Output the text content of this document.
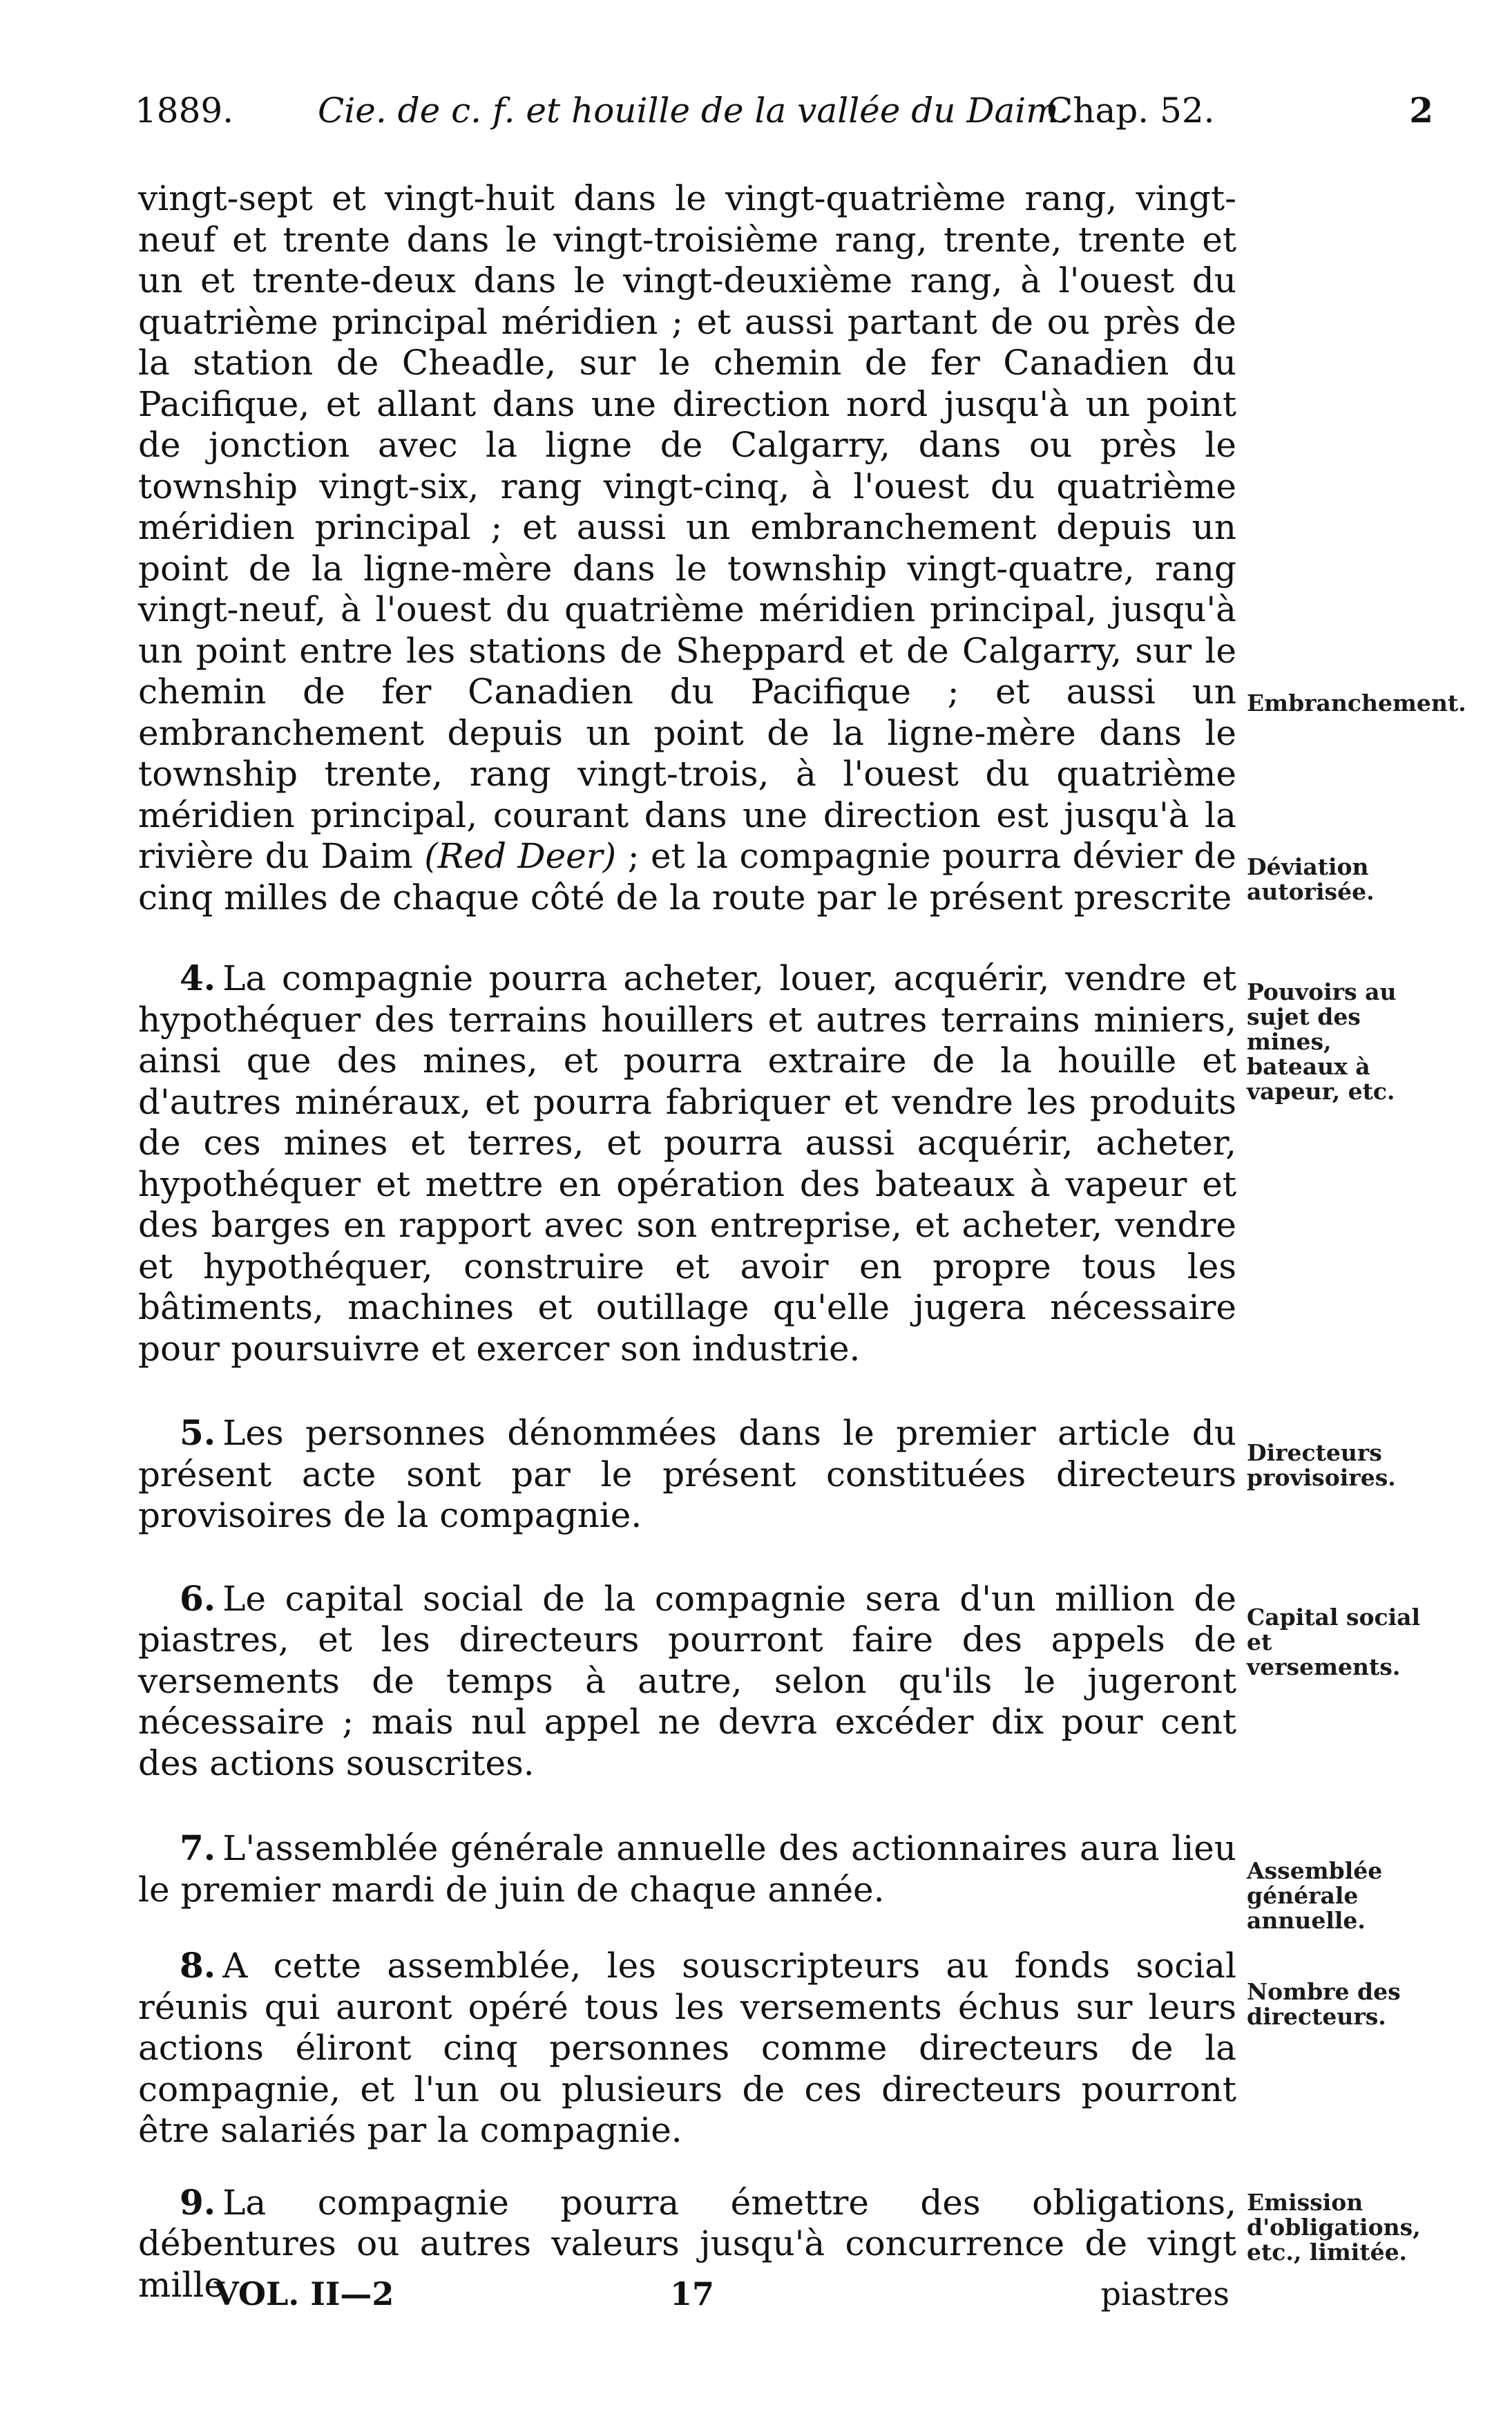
1889. Cie. de c. f. et houille de la vallée du Daim.
Chap. 52.	2

vingt-sept et vingt-huit dans le vingt-quatrième rang, vingt-neuf et trente dans le vingt-troisième rang, trente, trente et un et trente-deux dans le vingt-deuxième rang, à l'ouest du quatrième principal méridien ; et aussi partant de ou près de la station de Cheadle, sur le chemin de fer Canadien du Pacifique, et allant dans une direction nord jusqu'à un point de jonction avec la ligne de Calgarry, dans ou près le township vingt-six, rang vingt-cinq, à l'ouest du quatrième méridien principal ; et aussi un embranchement depuis un point de la ligne-mère dans le township vingt-quatre, rang vingt-neuf, à l'ouest du quatrième méridien principal, jusqu'à un point entre les stations de Sheppard et de Calgarry, sur le chemin de fer Canadien du Pacifique ; et aussi un embranchement depuis un point de la ligne-mère dans le township trente, rang vingt-trois, à l'ouest du quatrième méridien principal, courant dans une direction est jusqu'à la rivière du Daim (Red Deer) ; et la compagnie pourra dévier de cinq milles de chaque côté de la route par le présent prescrite

4. La compagnie pourra acheter, louer, acquérir, vendre et hypothéquer des terrains houillers et autres terrains miniers, ainsi que des mines, et pourra extraire de la houille et d'autres minéraux, et pourra fabriquer et vendre les produits de ces mines et terres, et pourra aussi acquérir, acheter, hypothéquer et mettre en opération des bateaux à vapeur et des barges en rapport avec son entreprise, et acheter, vendre et hypothéquer, construire et avoir en propre tous les bâtiments, machines et outillage qu'elle jugera nécessaire pour poursuivre et exercer son industrie.

5. Les personnes dénommées dans le premier article du présent acte sont par le présent constituées directeurs provisoires de la compagnie.

6. Le capital social de la compagnie sera d'un million de piastres, et les directeurs pourront faire des appels de versements de temps à autre, selon qu'ils le jugeront nécessaire ; mais nul appel ne devra excéder dix pour cent des actions souscrites.

7. L'assemblée générale annuelle des actionnaires aura lieu le premier mardi de juin de chaque année.

8. A cette assemblée, les souscripteurs au fonds social réunis qui auront opéré tous les versements échus sur leurs actions éliront cinq personnes comme directeurs de la compagnie, et l'un ou plusieurs de ces directeurs pourront être salariés par la compagnie.

9. La compagnie pourra émettre des obligations, débentures ou autres valeurs jusqu'à concurrence de vingt mille

Embranchement.
Déviation autorisée.
Pouvoirs au sujet des mines, bateaux à vapeur, etc.
Directeurs provisoires.
Capital social et versements.
Assemblée générale annuelle.
Nombre des directeurs.
Emission d'obligations, etc., limitée.
VOL. II—2	17	piastres
